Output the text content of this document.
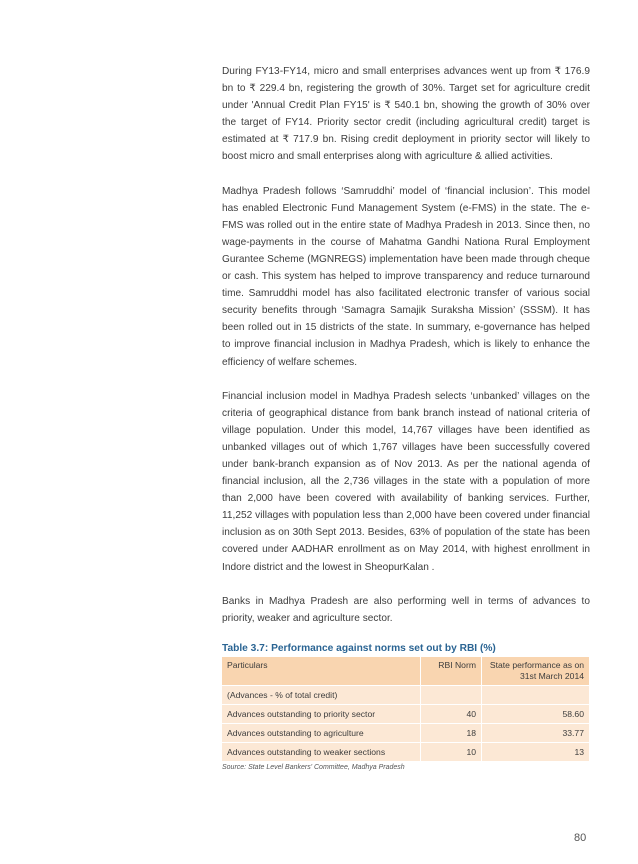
During FY13-FY14, micro and small enterprises advances went up from ₹ 176.9 bn to ₹ 229.4 bn, registering the growth of 30%. Target set for agriculture credit under 'Annual Credit Plan FY15' is ₹ 540.1 bn, showing the growth of 30% over the target of FY14. Priority sector credit (including agricultural credit) target is estimated at ₹ 717.9 bn. Rising credit deployment in priority sector will likely to boost micro and small enterprises along with agriculture & allied activities.

Madhya Pradesh follows ‘Samruddhi’ model of ‘financial inclusion’. This model has enabled Electronic Fund Management System (e-FMS) in the state. The e-FMS was rolled out in the entire state of Madhya Pradesh in 2013. Since then, no wage-payments in the course of Mahatma Gandhi Nationa Rural Employment Gurantee Scheme (MGNREGS) implementation have been made through cheque or cash. This system has helped to improve transparency and reduce turnaround time. Samruddhi model has also facilitated electronic transfer of various social security benefits through ‘Samagra Samajik Suraksha Mission’ (SSSM). It has been rolled out in 15 districts of the state. In summary, e-governance has helped to improve financial inclusion in Madhya Pradesh, which is likely to enhance the efficiency of welfare schemes.

Financial inclusion model in Madhya Pradesh selects ‘unbanked’ villages on the criteria of geographical distance from bank branch instead of national criteria of village population. Under this model, 14,767 villages have been identified as unbanked villages out of which 1,767 villages have been successfully covered under bank-branch expansion as of Nov 2013. As per the national agenda of financial inclusion, all the 2,736 villages in the state with a population of more than 2,000 have been covered with availability of banking services. Further, 11,252 villages with population less than 2,000 have been covered under financial inclusion as on 30th Sept 2013. Besides, 63% of population of the state has been covered under AADHAR enrollment as on May 2014, with highest enrollment in Indore district and the lowest in SheopurKalan .

Banks in Madhya Pradesh are also performing well in terms of advances to priority, weaker and agriculture sector.

Table 3.7: Performance against norms set out by RBI (%)
Particulars	RBI Norm	State performance as on 31st March 2014
(Advances - % of total credit)		
Advances outstanding to priority sector	40	58.60
Advances outstanding to agriculture	18	33.77
Advances outstanding to weaker sections	10	13
Source: State Level Bankers' Committee, Madhya Pradesh
80
